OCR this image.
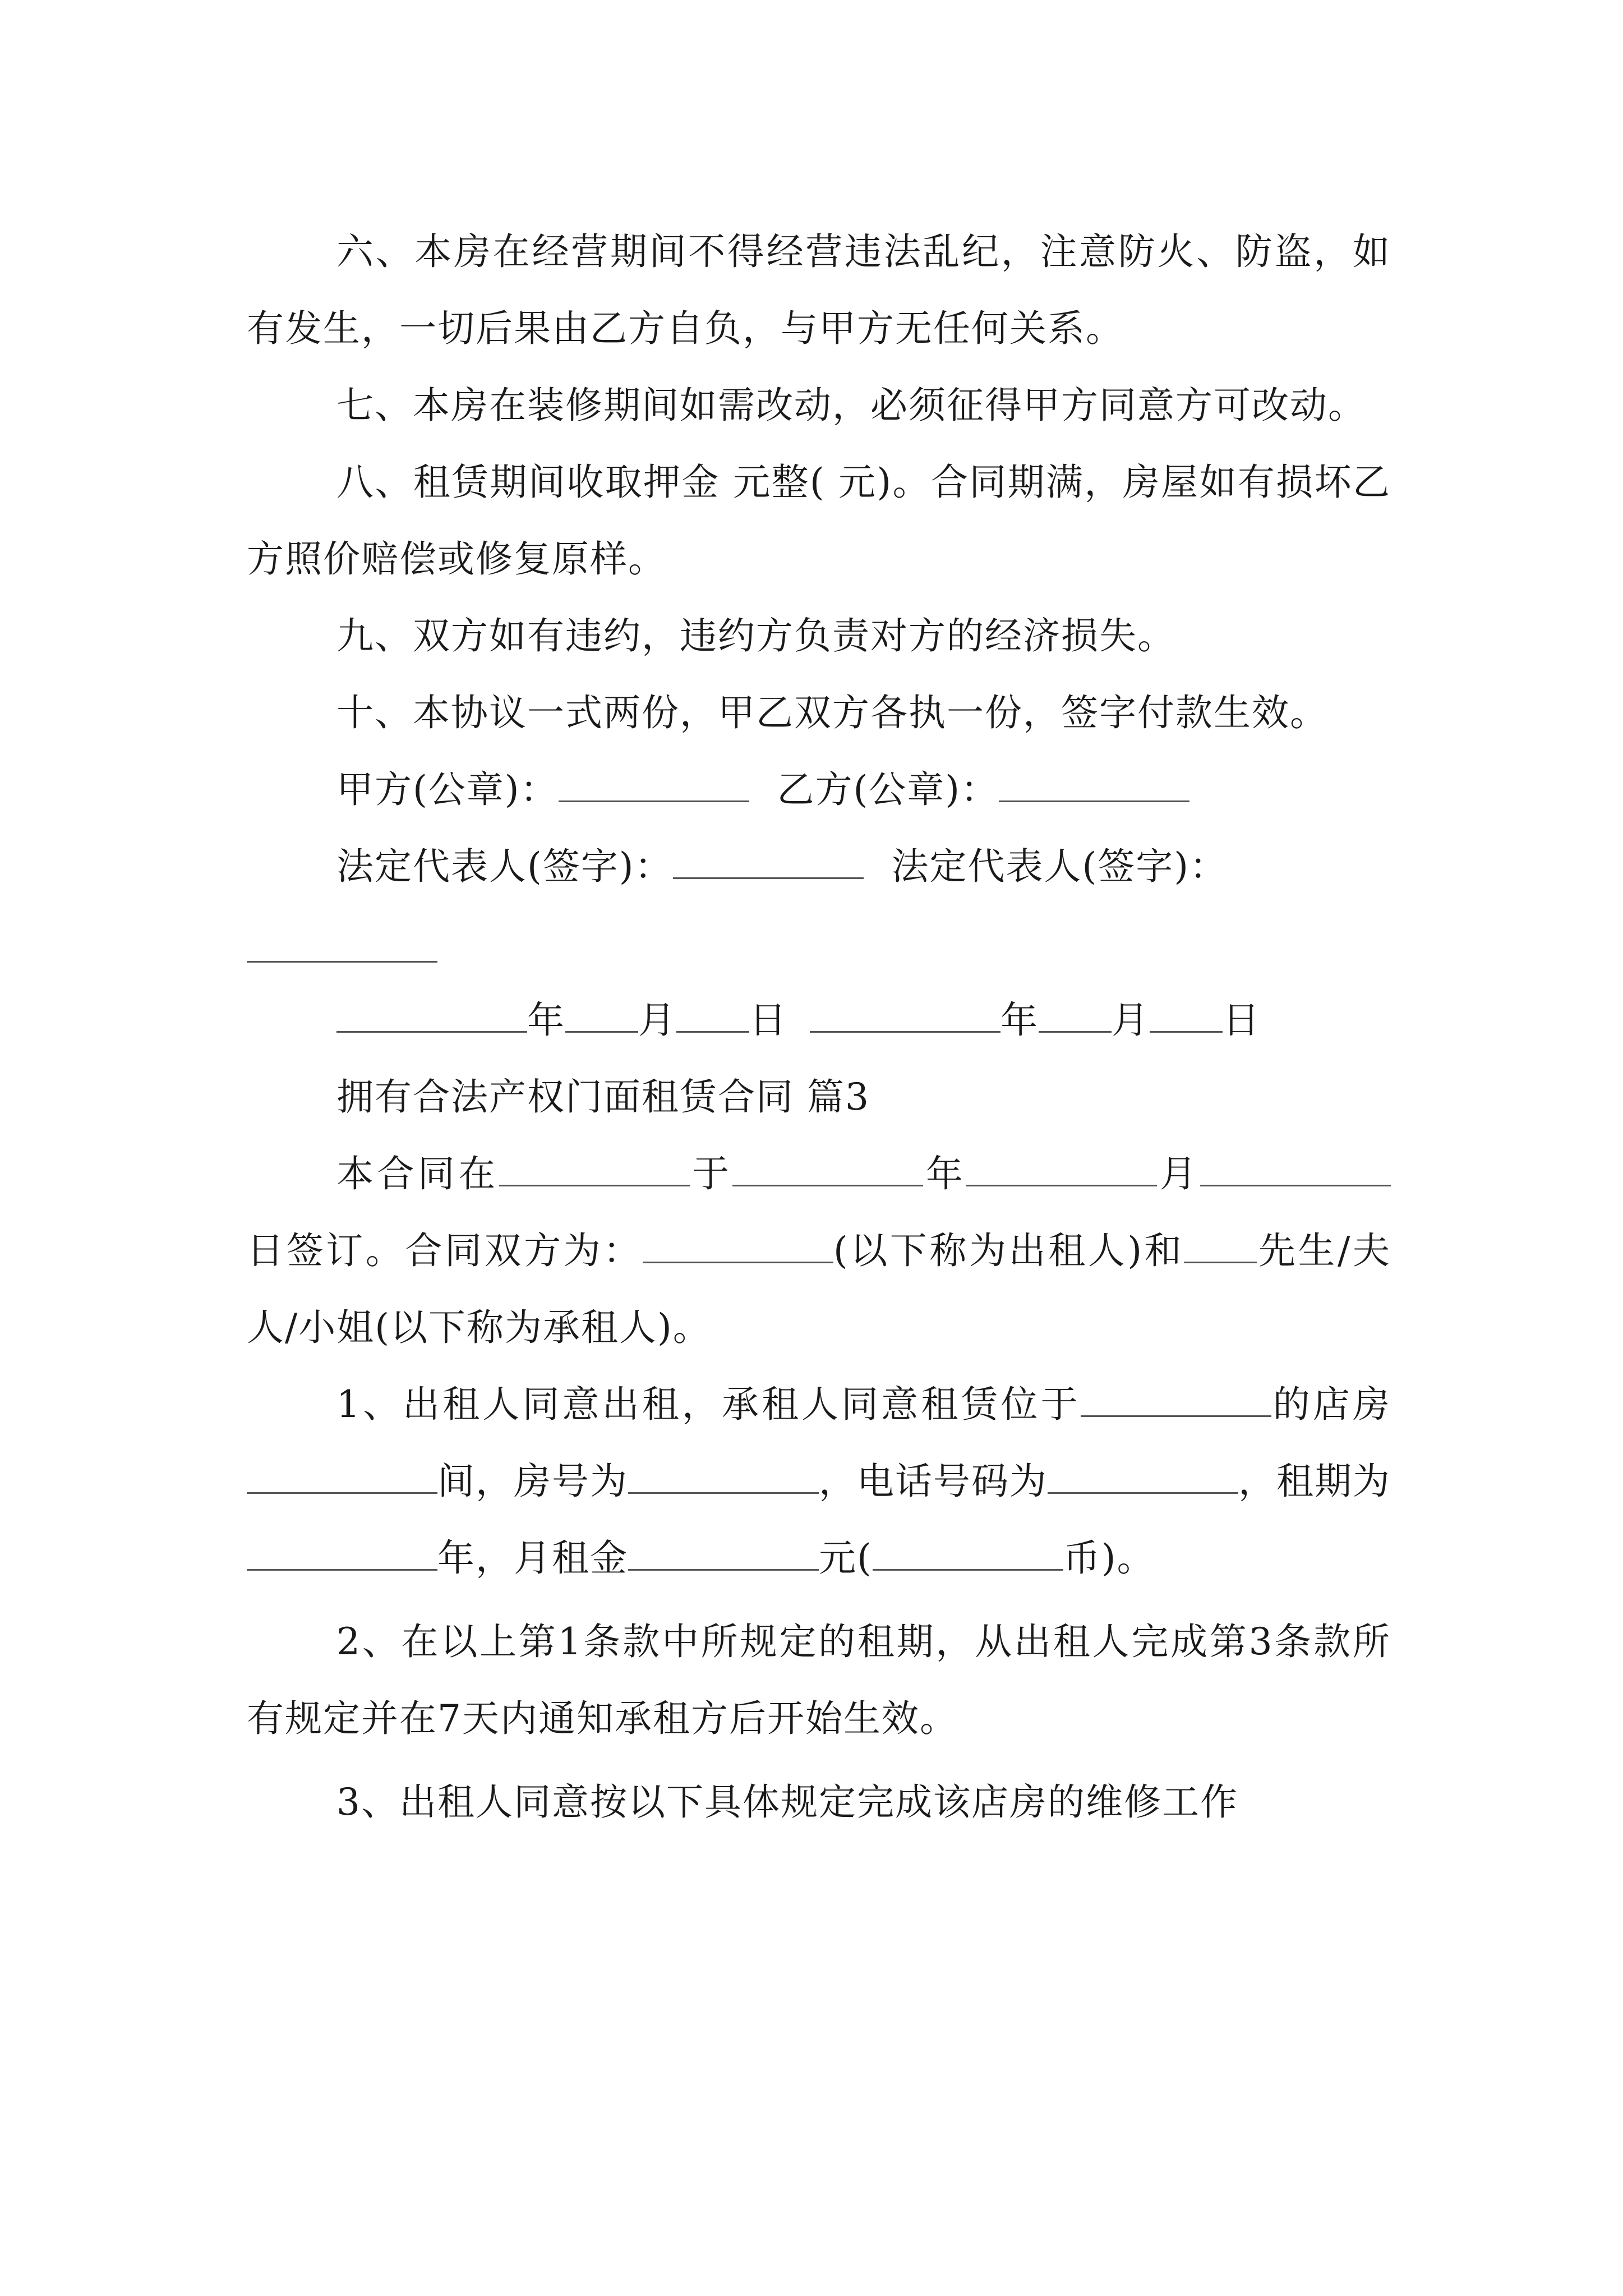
六、本房在经营期间不得经营违法乱纪，注意防火、防盗，如有发生，一切后果由乙方自负，与甲方无任何关系。

七、本房在装修期间如需改动，必须征得甲方同意方可改动。

八、租赁期间收取押金 元整( 元)。合同期满，房屋如有损坏乙方照价赔偿或修复原样。

九、双方如有违约，违约方负责对方的经济损失。

十、本协议一式两份，甲乙双方各执一份，签字付款生效。

甲方(公章)：	乙方(公章)：

法定代表人(签字)：	法定代表人(签字)：

年 月 日	年 月 日

拥有合法产权门面租赁合同 篇3

本合同在	于	年	月日签订。合同双方为：	(以下称为出租人)和 先生/夫人/小姐(以下称为承租人)。

1、出租人同意出租，承租人同意租赁位于	的店房间，房号为	，电话号码为	，租期为年，月租金	元(	币)。

2、在以上第1条款中所规定的租期，从出租人完成第3条款所有规定并在7天内通知承租方后开始生效。

3、出租人同意按以下具体规定完成该店房的维修工作
